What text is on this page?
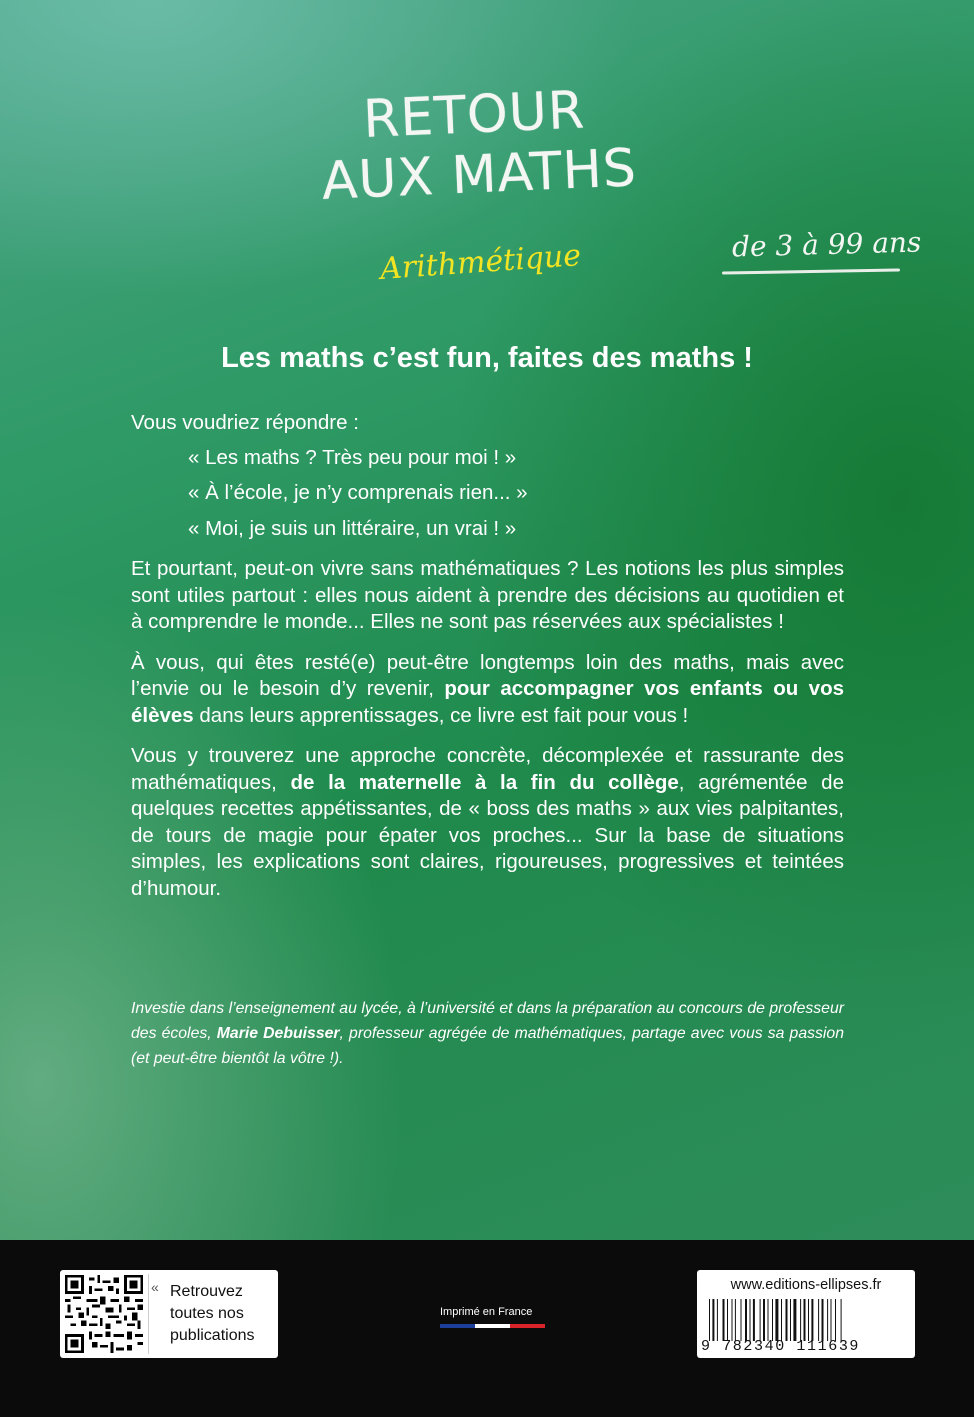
RETOUR
AUX MATHS
Arithmétique	de 3 à 99 ans
Les maths c’est fun, faites des maths !

Vous voudriez répondre :

« Les maths ? Très peu pour moi ! »

« À l’école, je n’y comprenais rien... »

« Moi, je suis un littéraire, un vrai ! »

Et pourtant, peut-on vivre sans mathématiques ? Les notions les plus simples sont utiles partout : elles nous aident à prendre des décisions au quotidien et à comprendre le monde... Elles ne sont pas réservées aux spécialistes !

À vous, qui êtes resté(e) peut-être longtemps loin des maths, mais avec l’envie ou le besoin d’y revenir, pour accompagner vos enfants ou vos élèves dans leurs apprentissages, ce livre est fait pour vous !

Vous y trouverez une approche concrète, décomplexée et rassurante des mathématiques, de la maternelle à la fin du collège, agrémentée de quelques recettes appétissantes, de « boss des maths » aux vies palpitantes, de tours de magie pour épater vos proches... Sur la base de situations simples, les explications sont claires, rigoureuses, progressives et teintées d’humour.

Investie dans l’enseignement au lycée, à l’université et dans la préparation au concours de professeur des écoles, Marie Debuisser, professeur agrégée de mathématiques, partage avec vous sa passion (et peut-être bientôt la vôtre !).

« Retrouvez toutes nos publications
Imprimé en France
www.editions-ellipses.fr
9 782340 111639
